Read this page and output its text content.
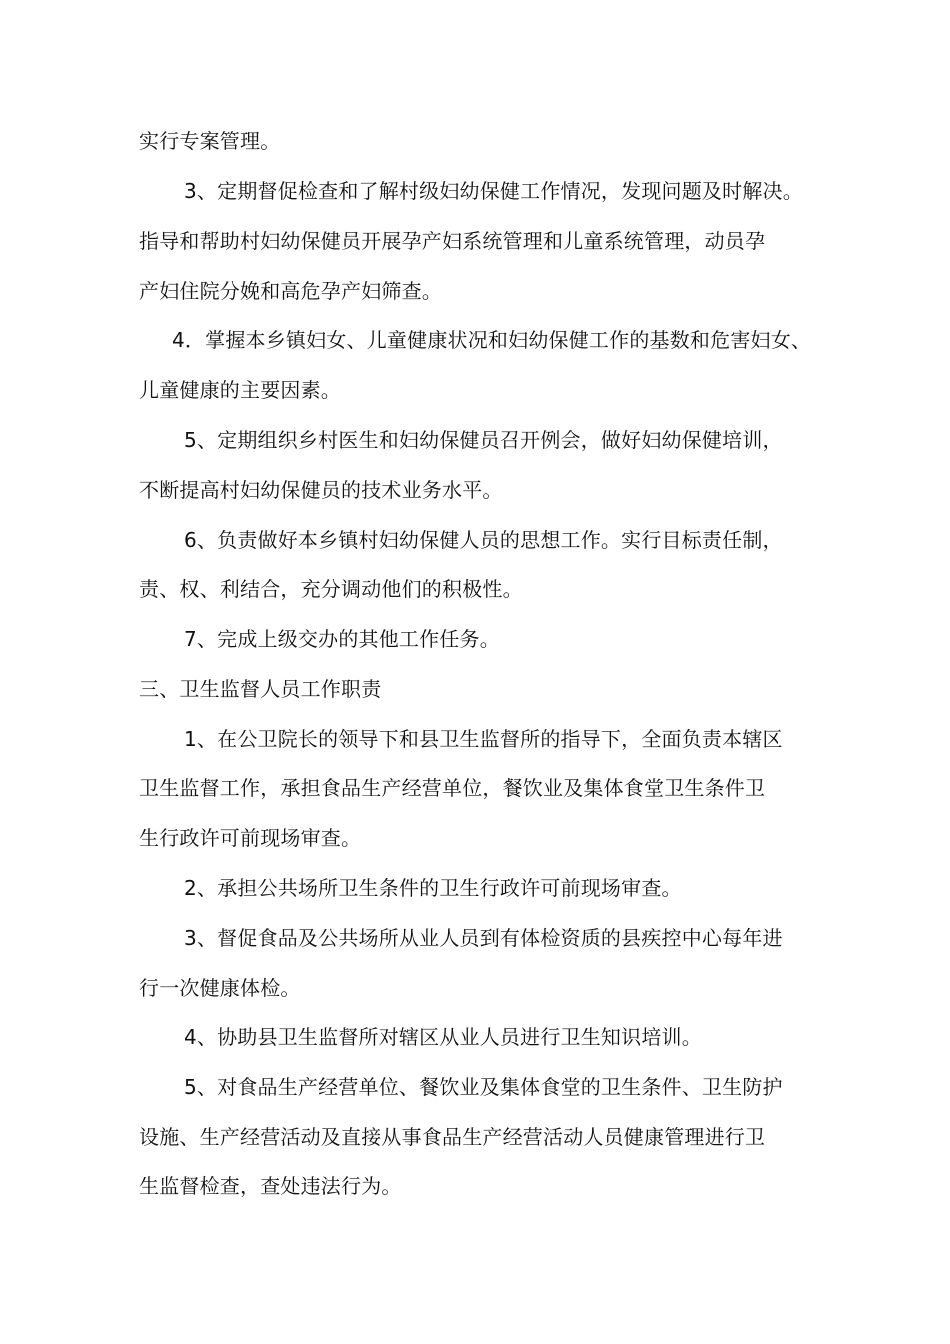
实行专案管理。
3、定期督促检查和了解村级妇幼保健工作情况，发现问题及时解决。
指导和帮助村妇幼保健员开展孕产妇系统管理和儿童系统管理，动员孕
产妇住院分娩和高危孕产妇筛查。
4．掌握本乡镇妇女、儿童健康状况和妇幼保健工作的基数和危害妇女、
儿童健康的主要因素。
5、定期组织乡村医生和妇幼保健员召开例会，做好妇幼保健培训，
不断提高村妇幼保健员的技术业务水平。
6、负责做好本乡镇村妇幼保健人员的思想工作。实行目标责任制，
责、权、利结合，充分调动他们的积极性。
7、完成上级交办的其他工作任务。
三、卫生监督人员工作职责
1、在公卫院长的领导下和县卫生监督所的指导下，全面负责本辖区
卫生监督工作，承担食品生产经营单位，餐饮业及集体食堂卫生条件卫
生行政许可前现场审查。
2、承担公共场所卫生条件的卫生行政许可前现场审查。
3、督促食品及公共场所从业人员到有体检资质的县疾控中心每年进
行一次健康体检。
4、协助县卫生监督所对辖区从业人员进行卫生知识培训。
5、对食品生产经营单位、餐饮业及集体食堂的卫生条件、卫生防护
设施、生产经营活动及直接从事食品生产经营活动人员健康管理进行卫
生监督检查，查处违法行为。
